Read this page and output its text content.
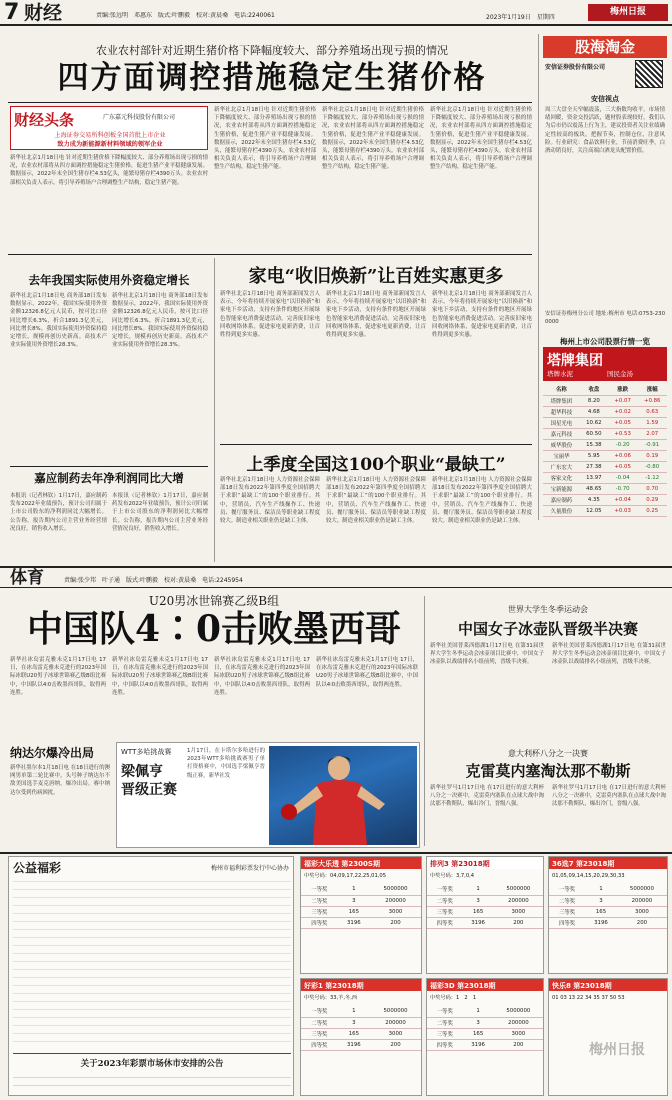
7 财经	责编:张远明　邓惠东　版式:叶鹏毅　校对:黄晨桑　电话:2240061	梅州日报
2023年1月19日　星期四
农业农村部针对近期生猪价格下降幅度较大、部分养殖场出现亏损的情况
四方面调控措施稳定生猪价格
财经头条	广东嘉元科技股份有限公司
上海证券交易所科创板全国首批上市企业
致力成为新能源新材料领域的领军企业
新华社北京1月18日电 针对近期生猪价格下降幅度较大、部分养殖场出现亏损的情况，农业农村部将从四方面调控措施稳定生猪价格，促进生猪产业平稳健康发展。数据显示，2022年末全国生猪存栏4.53亿头，能繁母猪存栏4390万头。农业农村部相关负责人表示，将引导养殖场户合理调整生产结构，稳定生猪产能。
新华社北京1月18日电 针对近期生猪价格下降幅度较大、部分养殖场出现亏损的情况，农业农村部将从四方面调控措施稳定生猪价格，促进生猪产业平稳健康发展。数据显示，2022年末全国生猪存栏4.53亿头，能繁母猪存栏4390万头。农业农村部相关负责人表示，将引导养殖场户合理调整生产结构，稳定生猪产能。
新华社北京1月18日电 针对近期生猪价格下降幅度较大、部分养殖场出现亏损的情况，农业农村部将从四方面调控措施稳定生猪价格，促进生猪产业平稳健康发展。数据显示，2022年末全国生猪存栏4.53亿头，能繁母猪存栏4390万头。农业农村部相关负责人表示，将引导养殖场户合理调整生产结构，稳定生猪产能。
新华社北京1月18日电 针对近期生猪价格下降幅度较大、部分养殖场出现亏损的情况，农业农村部将从四方面调控措施稳定生猪价格，促进生猪产业平稳健康发展。数据显示，2022年末全国生猪存栏4.53亿头，能繁母猪存栏4390万头。农业农村部相关负责人表示，将引导养殖场户合理调整生产结构，稳定生猪产能。
股海淘金
安信证券股份有限公司
安信视点
周三大盘全天窄幅震荡，三大指数均收平。市场情绪回暖，资金交投活跃，题材股表现较好。我们认为后市仍以震荡上行为主，建议投资者关注业绩确定性较高的板块，把握节奏，控制仓位，注意风险。行业研究：食品饮料行业，节前消费旺季，白酒动销良好，关注高端白酒龙头配置价值。
安信证券梅州分公司 地址:梅州市 电话:0753-2300000
梅州上市公司股票行情一览
塔牌集团
塔牌水泥	国民金汤
名称	收盘	涨跌	涨幅
塔牌集团	8.20	+0.07	+0.86
超华科技	4.68	+0.02	0.63
国星光电	10.62	+0.05	1.59
嘉元科技	60.50	+0.53	2.07
威华股份	15.38	-0.20	-0.91
宝丽华	5.95	+0.06	0.19
广东宏大	27.38	+0.05	-0.80
客家文化	13.97	-0.04	-1.12
宝新能源	48.65	-0.70	0.70
嘉应制药	4.35	+0.04	0.29
久量股份	12.05	+0.03	0.25
去年我国实际使用外资稳定增长
新华社北京1月18日电 商务部18日发布数据显示，2022年，我国实际使用外资金额12326.8亿元人民币，按可比口径同比增长6.3%，折合1891.3亿美元，同比增长8%。我国实际使用外资保持稳定增长，规模再创历史新高。高技术产业实际使用外资增长28.3%。
新华社北京1月18日电 商务部18日发布数据显示，2022年，我国实际使用外资金额12326.8亿元人民币，按可比口径同比增长6.3%，折合1891.3亿美元，同比增长8%。我国实际使用外资保持稳定增长，规模再创历史新高。高技术产业实际使用外资增长28.3%。
嘉应制药去年净利润同比大增
本报讯（记者林钦）1月17日，嘉应制药发布2022年业绩预告，预计公司归属于上市公司股东的净利润同比大幅增长。公告称，报告期内公司主营业务经营情况良好，销售收入增长。
本报讯（记者林钦）1月17日，嘉应制药发布2022年业绩预告，预计公司归属于上市公司股东的净利润同比大幅增长。公告称，报告期内公司主营业务经营情况良好，销售收入增长。
家电“收旧焕新”让百姓实惠更多
新华社北京1月18日电 商务部新闻发言人表示，今年将持续开展家电“以旧换新”和家电下乡活动，支持有条件的地区开展绿色智能家电消费促进活动。完善废旧家电回收网络体系，促进家电更新消费，让百姓得到更多实惠。
新华社北京1月18日电 商务部新闻发言人表示，今年将持续开展家电“以旧换新”和家电下乡活动，支持有条件的地区开展绿色智能家电消费促进活动。完善废旧家电回收网络体系，促进家电更新消费，让百姓得到更多实惠。
新华社北京1月18日电 商务部新闻发言人表示，今年将持续开展家电“以旧换新”和家电下乡活动，支持有条件的地区开展绿色智能家电消费促进活动。完善废旧家电回收网络体系，促进家电更新消费，让百姓得到更多实惠。
上季度全国这100个职业“最缺工”
新华社北京1月18日电 人力资源社会保障部18日发布2022年第四季度全国招聘大于求职“最缺工”的100个职业排行。其中，营销员、汽车生产线操作工、快递员、餐厅服务员、保洁员等职业缺工程度较大。制造业相关职业仍是缺工主体。
新华社北京1月18日电 人力资源社会保障部18日发布2022年第四季度全国招聘大于求职“最缺工”的100个职业排行。其中，营销员、汽车生产线操作工、快递员、餐厅服务员、保洁员等职业缺工程度较大。制造业相关职业仍是缺工主体。
新华社北京1月18日电 人力资源社会保障部18日发布2022年第四季度全国招聘大于求职“最缺工”的100个职业排行。其中，营销员、汽车生产线操作工、快递员、餐厅服务员、保洁员等职业缺工程度较大。制造业相关职业仍是缺工主体。
体育	责编:张少邦　叶子通　版式:叶鹏毅　校对:黄晨桑　电话:2245954
U20男冰世锦赛乙级B组
中国队4∶0击败墨西哥
新华社冰岛雷克雅未克1月17日电 17日，在冰岛雷克雅未克进行的2023年国际冰联U20男子冰球世锦赛乙级B组比赛中，中国队以4∶0击败墨西哥队，取得两连胜。
新华社冰岛雷克雅未克1月17日电 17日，在冰岛雷克雅未克进行的2023年国际冰联U20男子冰球世锦赛乙级B组比赛中，中国队以4∶0击败墨西哥队，取得两连胜。
新华社冰岛雷克雅未克1月17日电 17日，在冰岛雷克雅未克进行的2023年国际冰联U20男子冰球世锦赛乙级B组比赛中，中国队以4∶0击败墨西哥队，取得两连胜。
新华社冰岛雷克雅未克1月17日电 17日，在冰岛雷克雅未克进行的2023年国际冰联U20男子冰球世锦赛乙级B组比赛中，中国队以4∶0击败墨西哥队，取得两连胜。
世界大学生冬季运动会
中国女子冰壶队晋级半决赛
新华社美国普莱西德湖1月17日电 在第31届世界大学生冬季运动会冰壶项目比赛中，中国女子冰壶队以战绩排名小组前列，晋级半决赛。
新华社美国普莱西德湖1月17日电 在第31届世界大学生冬季运动会冰壶项目比赛中，中国女子冰壶队以战绩排名小组前列，晋级半决赛。
纳达尔爆冷出局
新华社墨尔本1月18日电 在18日进行的澳网男单第二轮比赛中，头号种子纳达尔不敌美国选手麦克唐纳，爆冷出局。赛中纳达尔受到伤病困扰。
WTT多哈挑战赛
梁佩亨
晋级正赛
1月17日，在卡塔尔多哈进行的2023年WTT多哈挑战赛男子单打资格赛中，中国选手梁佩亨晋级正赛。新华社发
意大利杯八分之一决赛
克雷莫内塞淘汰那不勒斯
新华社罗马1月17日电 在17日进行的意大利杯八分之一决赛中，克雷莫内塞队在点球大战中淘汰那不勒斯队，爆出冷门，晋级八强。
新华社罗马1月17日电 在17日进行的意大利杯八分之一决赛中，克雷莫内塞队在点球大战中淘汰那不勒斯队，爆出冷门，晋级八强。
公益福彩	梅州市福利彩票发行中心协办
关于2023年彩票市场休市安排的公告
福彩大乐透 第2300S期
中奖号码：04,09,17,22,25,01,05
一等奖	1	5000000
二等奖	3	200000
三等奖	165	3000
四等奖	3196	200
排列3 第23018期
中奖号码：3,7,0,4
一等奖	1	5000000
二等奖	3	200000
三等奖	165	3000
四等奖	3196	200
36选7 第23018期
01,05,09,14,15,20,29,30,33
一等奖	1	5000000
二等奖	3	200000
三等奖	165	3000
四等奖	3196	200
好彩1 第23018期
中奖号码：33,羊,冬,西
一等奖	1	5000000
二等奖	3	200000
三等奖	165	3000
四等奖	3196	200
福彩3D 第23018期
中奖号码：1　2　1
一等奖	1	5000000
二等奖	3	200000
三等奖	165	3000
四等奖	3196	200
快乐8 第23018期
01 03 13 22 34 35 37 50 53
梅州日报
